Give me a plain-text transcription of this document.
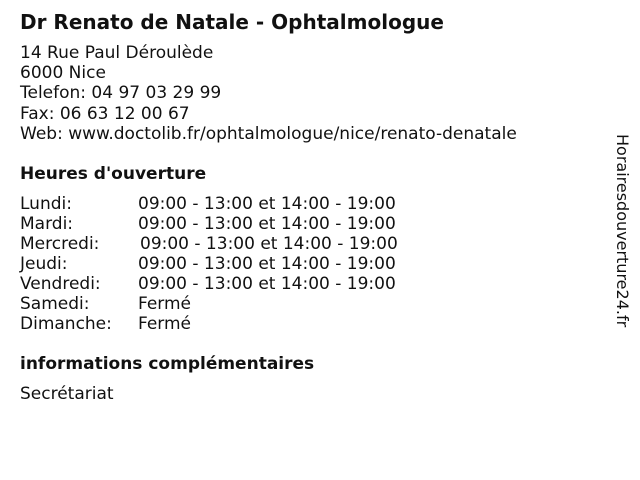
Dr Renato de Natale - Ophtalmologue
14 Rue Paul Déroulède
6000 Nice
Telefon: 04 97 03 29 99
Fax: 06 63 12 00 67
Web: www.doctolib.fr/ophtalmologue/nice/renato-denatale
Heures d'ouverture
Lundi:	09:00 - 13:00 et 14:00 - 19:00
Mardi:	09:00 - 13:00 et 14:00 - 19:00
Mercredi: 09:00 - 13:00 et 14:00 - 19:00
Jeudi:	09:00 - 13:00 et 14:00 - 19:00
Vendredi: 09:00 - 13:00 et 14:00 - 19:00
Samedi:	Fermé
Dimanche: Fermé
informations complémentaires
Secrétariat
Horairesdouverture24.fr
